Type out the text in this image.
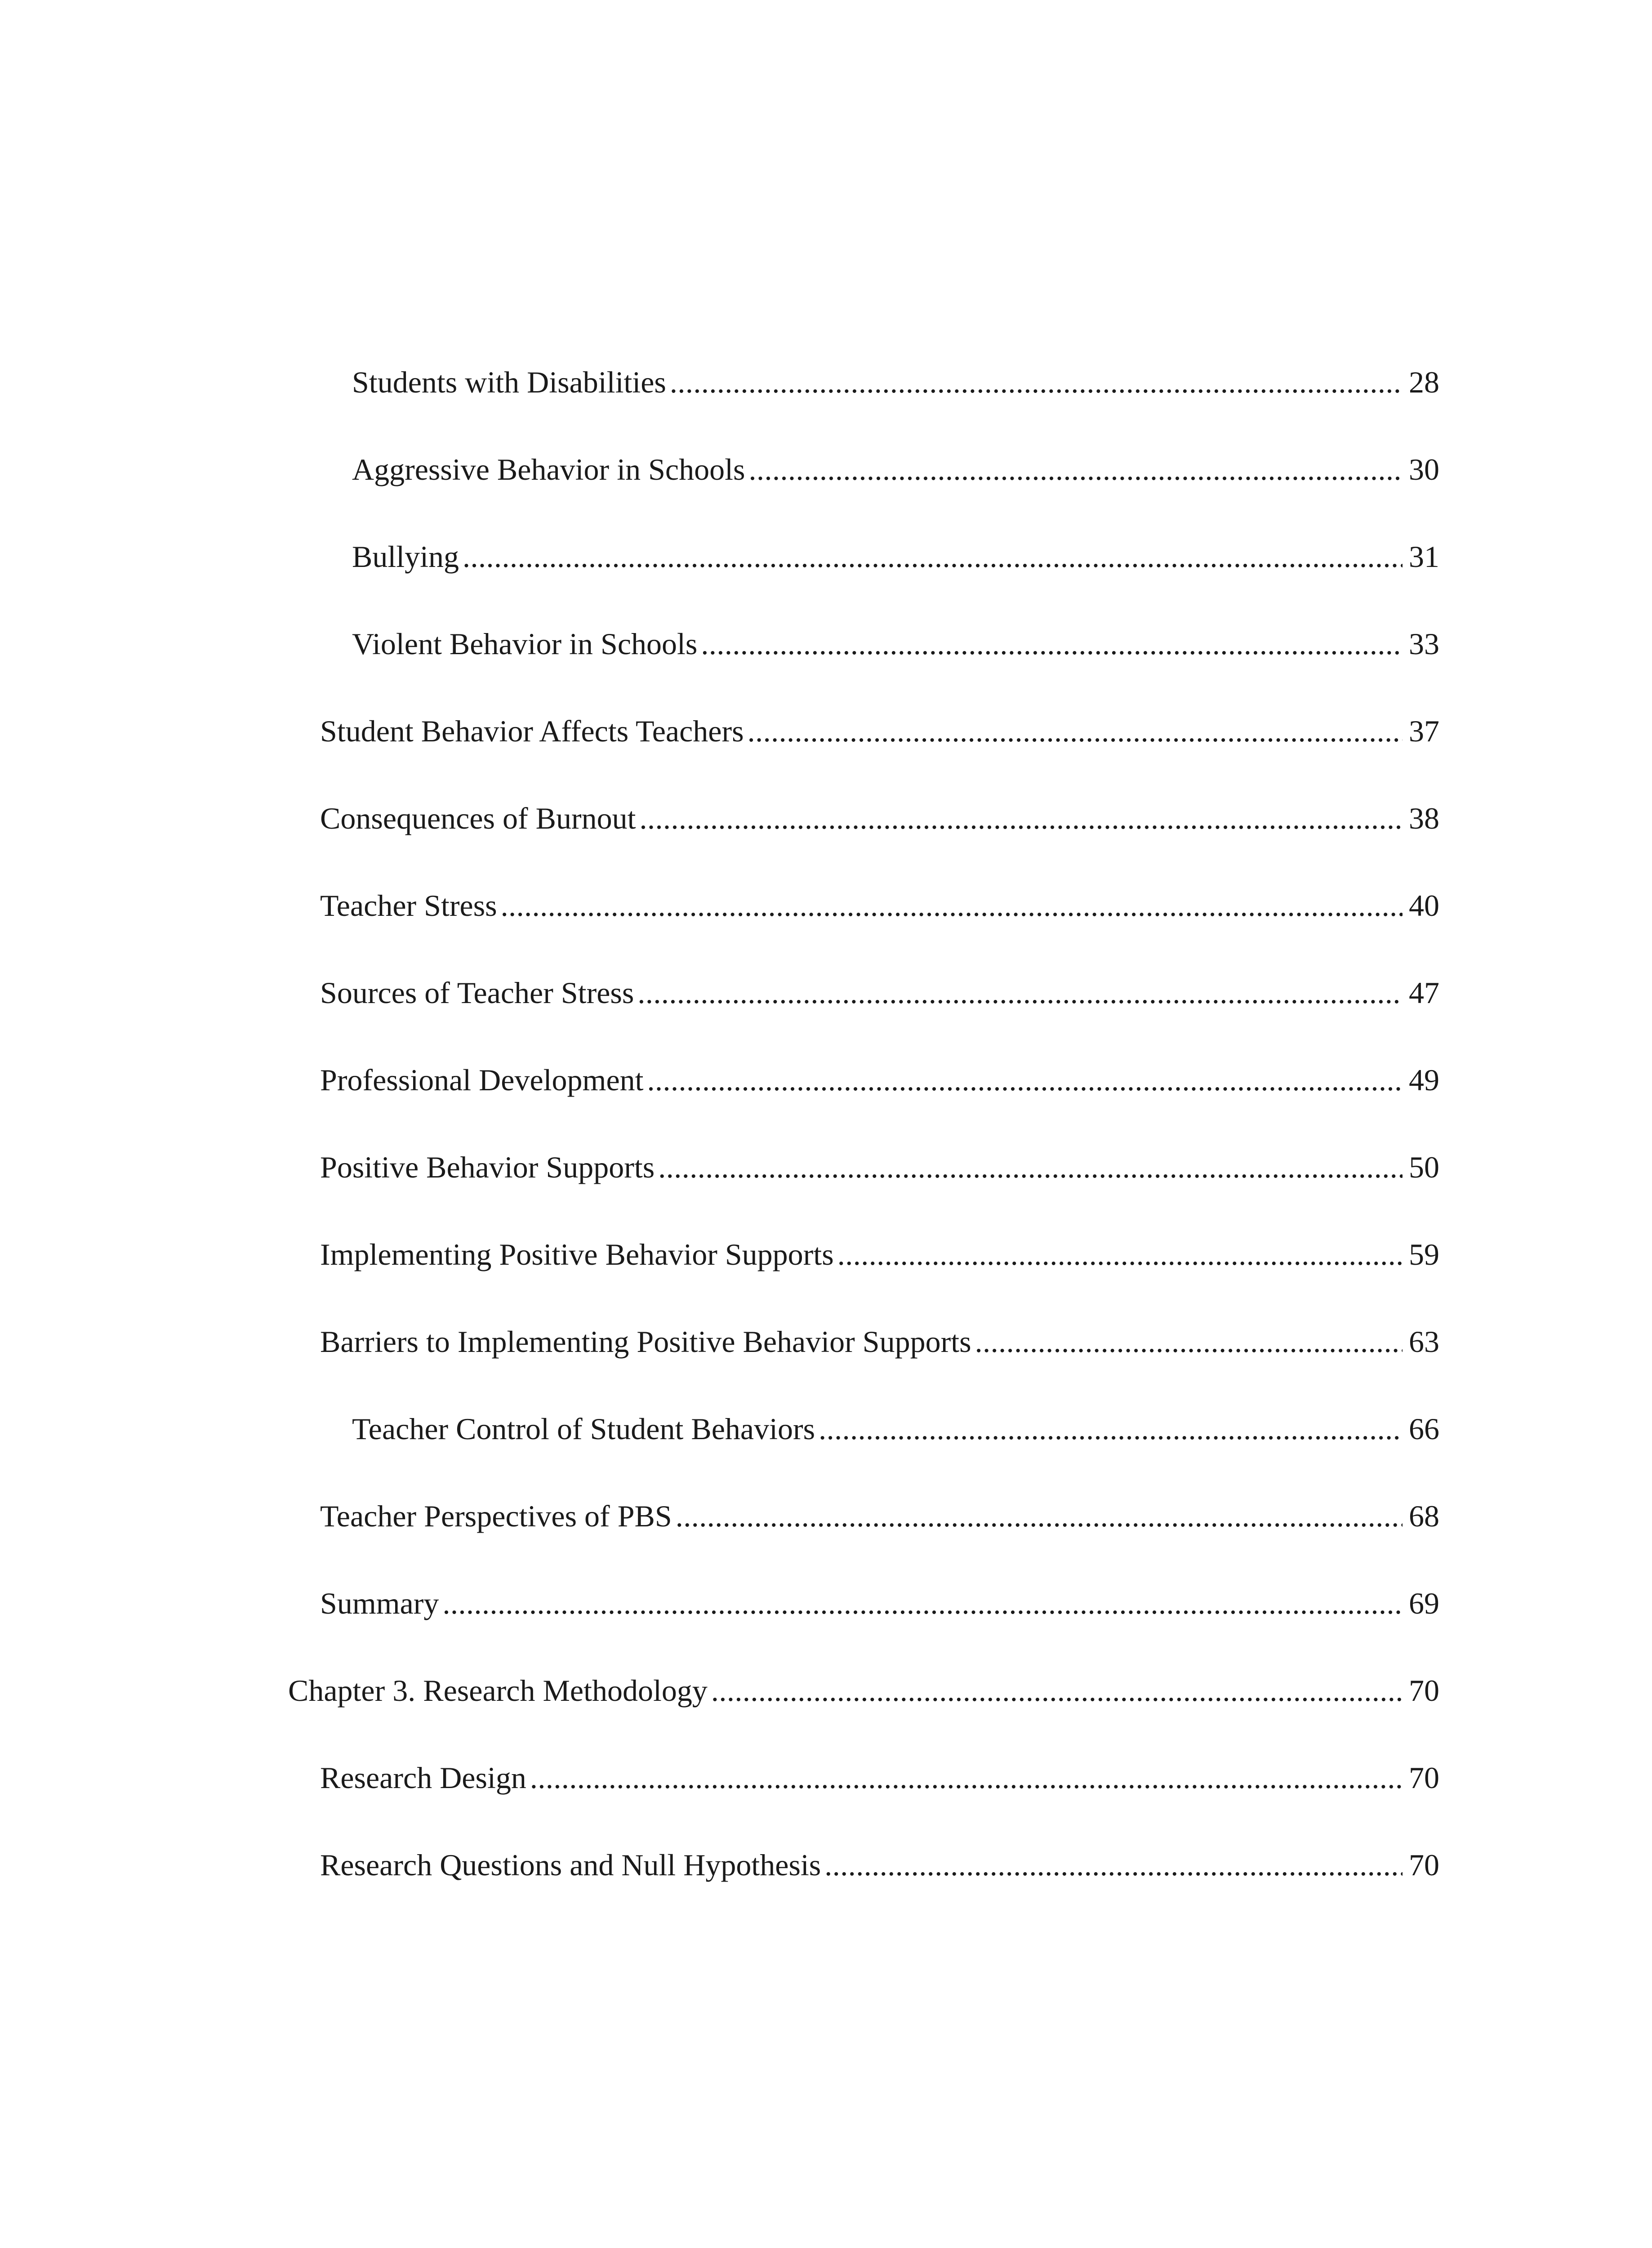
Students with Disabilities .....	28
Aggressive Behavior in Schools .....	30
Bullying .....	31
Violent Behavior in Schools .....	33
Student Behavior Affects Teachers .....	37
Consequences of Burnout .....	38
Teacher Stress .....	40
Sources of Teacher Stress .....	47
Professional Development .....	49
Positive Behavior Supports .....	50
Implementing Positive Behavior Supports .....	59
Barriers to Implementing Positive Behavior Supports .....	63
Teacher Control of Student Behaviors .....	66
Teacher Perspectives of PBS .....	68
Summary .....	69
Chapter 3. Research Methodology .....	70
Research Design .....	70
Research Questions and Null Hypothesis .....	70
